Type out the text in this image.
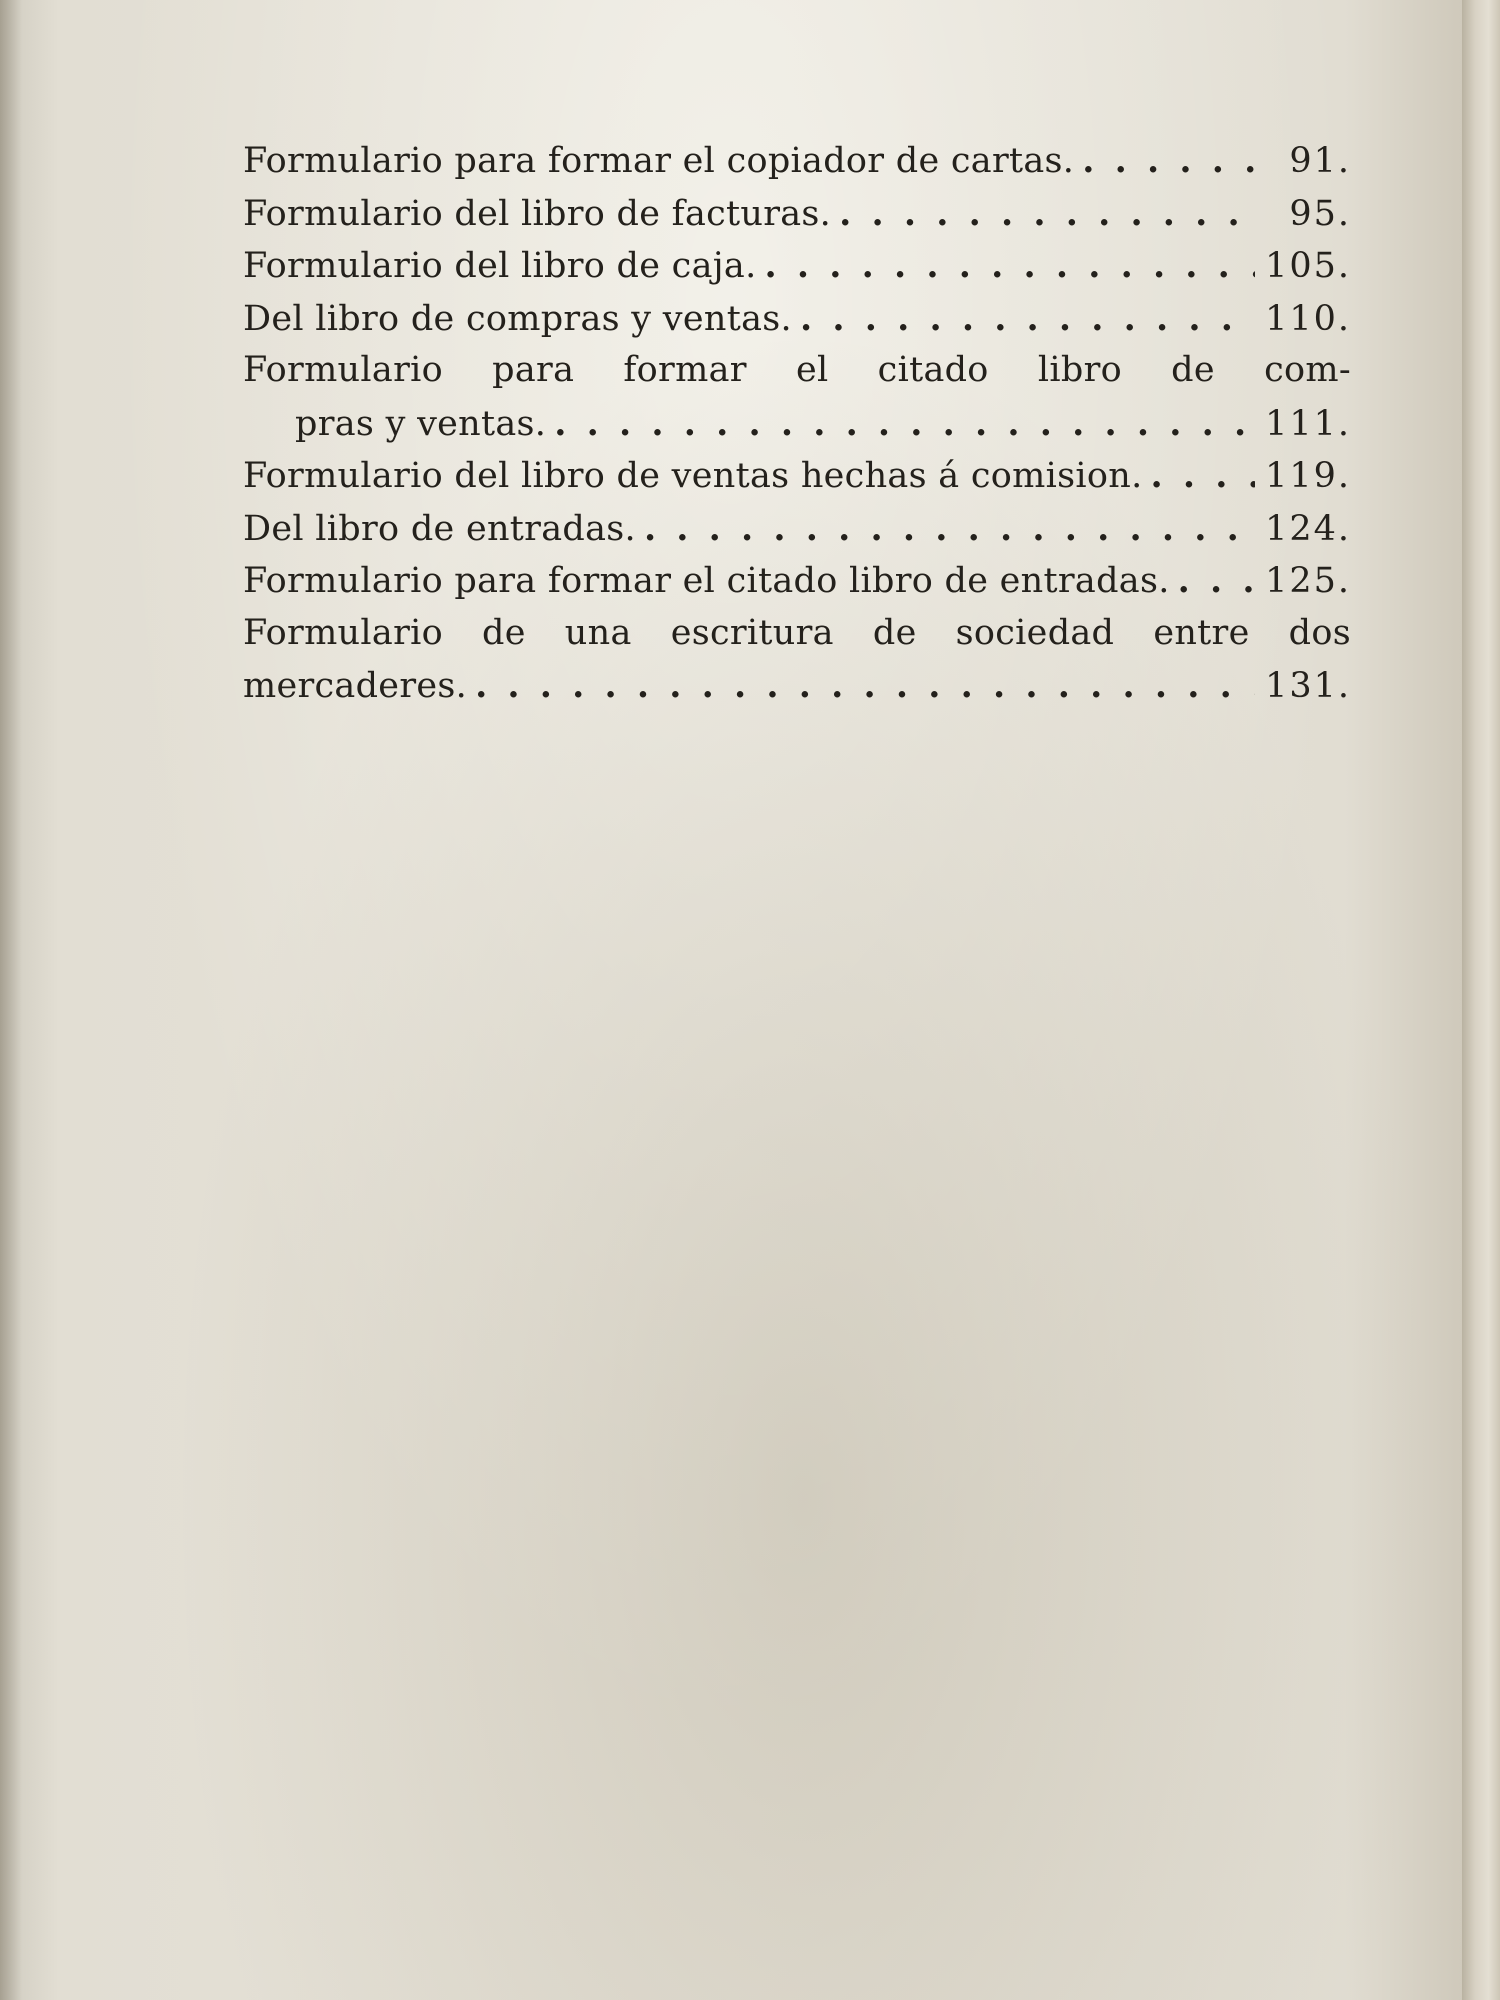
Formulario para formar el copiador de cartas. . . .	91.
Formulario del libro de facturas. . . .	95.
Formulario del libro de caja. . . .	105.
Del libro de compras y ventas. . . .	110.
Formulario para formar el citado libro de com-
pras y ventas. . . .	111.
Formulario del libro de ventas hechas á comision. . . .	119.
Del libro de entradas. . . .	124.
Formulario para formar el citado libro de entradas. . . .	125.
Formulario de una escritura de sociedad entre dos
mercaderes. . . .	131.
